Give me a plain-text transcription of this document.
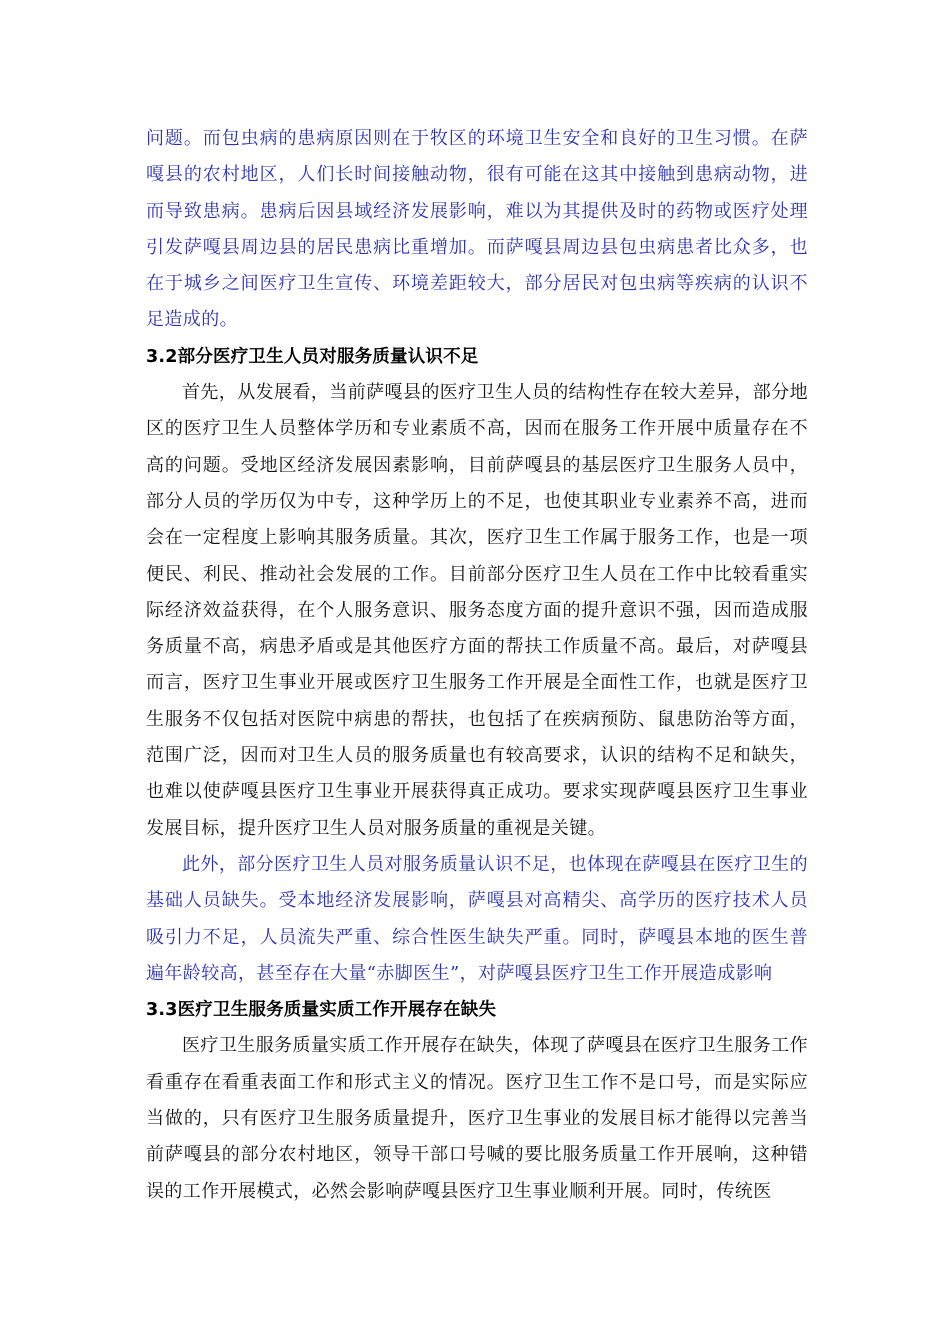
问题。而包虫病的患病原因则在于牧区的环境卫生安全和良好的卫生习惯。在萨嘎县的农村地区，人们长时间接触动物，很有可能在这其中接触到患病动物，进而导致患病。患病后因县域经济发展影响，难以为其提供及时的药物或医疗处理引发萨嘎县周边县的居民患病比重增加。而萨嘎县周边县包虫病患者比众多，也在于城乡之间医疗卫生宣传、环境差距较大，部分居民对包虫病等疾病的认识不足造成的。

3.2部分医疗卫生人员对服务质量认识不足

首先，从发展看，当前萨嘎县的医疗卫生人员的结构性存在较大差异，部分地区的医疗卫生人员整体学历和专业素质不高，因而在服务工作开展中质量存在不高的问题。受地区经济发展因素影响，目前萨嘎县的基层医疗卫生服务人员中，部分人员的学历仅为中专，这种学历上的不足，也使其职业专业素养不高，进而会在一定程度上影响其服务质量。其次，医疗卫生工作属于服务工作，也是一项便民、利民、推动社会发展的工作。目前部分医疗卫生人员在工作中比较看重实际经济效益获得，在个人服务意识、服务态度方面的提升意识不强，因而造成服务质量不高，病患矛盾或是其他医疗方面的帮扶工作质量不高。最后，对萨嘎县而言，医疗卫生事业开展或医疗卫生服务工作开展是全面性工作，也就是医疗卫生服务不仅包括对医院中病患的帮扶，也包括了在疾病预防、鼠患防治等方面，范围广泛，因而对卫生人员的服务质量也有较高要求，认识的结构不足和缺失，也难以使萨嘎县医疗卫生事业开展获得真正成功。要求实现萨嘎县医疗卫生事业发展目标，提升医疗卫生人员对服务质量的重视是关键。

此外，部分医疗卫生人员对服务质量认识不足，也体现在萨嘎县在医疗卫生的基础人员缺失。受本地经济发展影响，萨嘎县对高精尖、高学历的医疗技术人员吸引力不足，人员流失严重、综合性医生缺失严重。同时，萨嘎县本地的医生普遍年龄较高，甚至存在大量“赤脚医生”，对萨嘎县医疗卫生工作开展造成影响

3.3医疗卫生服务质量实质工作开展存在缺失

医疗卫生服务质量实质工作开展存在缺失，体现了萨嘎县在医疗卫生服务工作看重存在看重表面工作和形式主义的情况。医疗卫生工作不是口号，而是实际应当做的，只有医疗卫生服务质量提升，医疗卫生事业的发展目标才能得以完善当前萨嘎县的部分农村地区，领导干部口号喊的要比服务质量工作开展响，这种错误的工作开展模式，必然会影响萨嘎县医疗卫生事业顺利开展。同时，传统医
